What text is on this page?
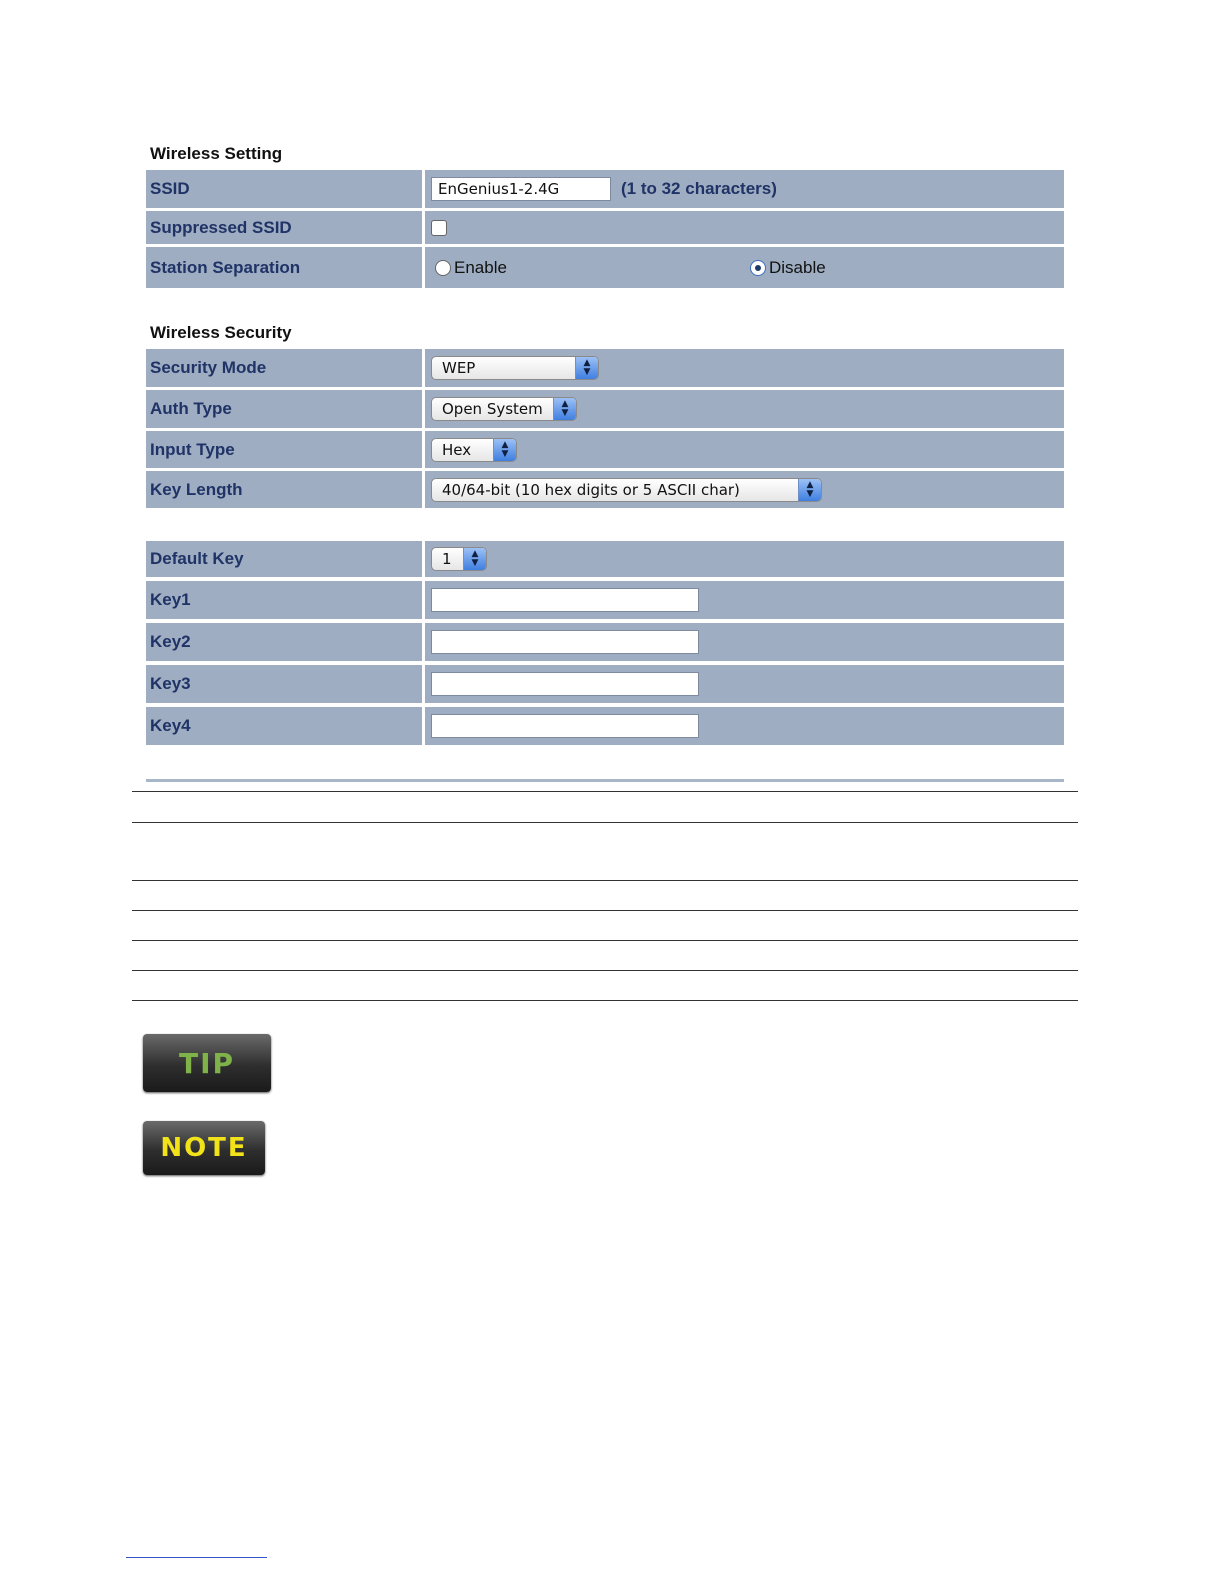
Wireless Setting
SSID	EnGenius1-2.4G	(1 to 32 characters)
Suppressed SSID
Station Separation	Enable	Disable
Wireless Security
Security Mode	WEP	▲
▼
Auth Type	Open System	▲
▼
Input Type	Hex	▲
▼
Key Length	40/64-bit (10 hex digits or 5 ASCII char)	▲
▼
Default Key	1	▲
▼
Key1
Key2
Key3
Key4
TIP
NOTE
